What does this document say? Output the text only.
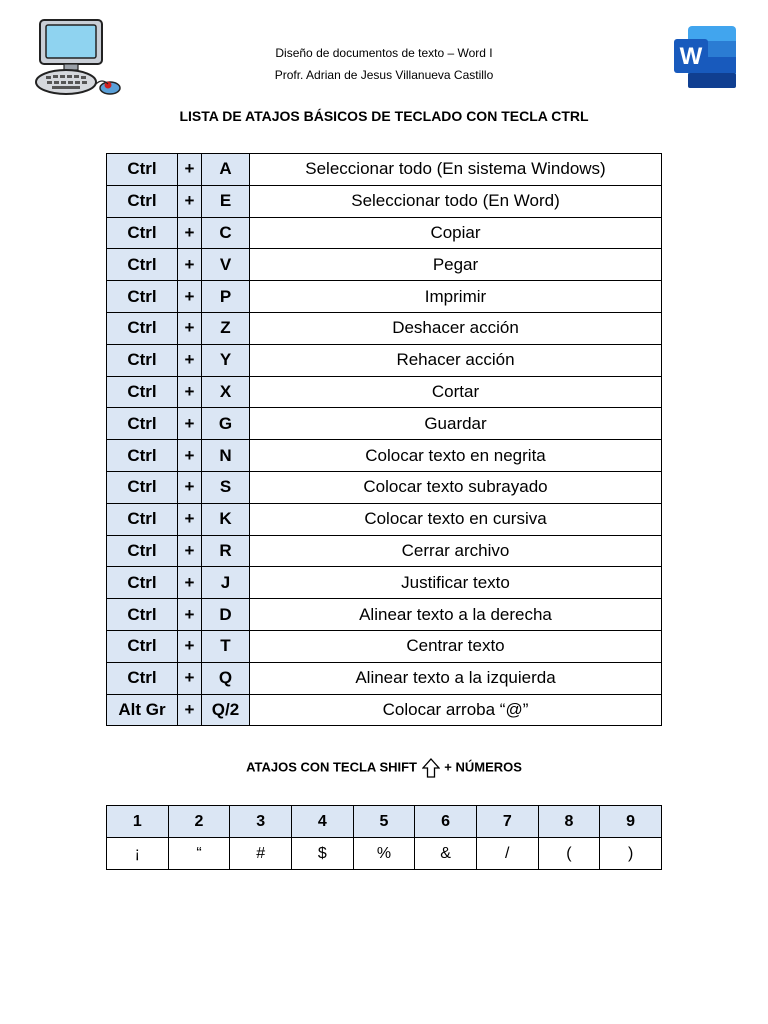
W
Diseño de documentos de texto – Word I
Profr. Adrian de Jesus Villanueva Castillo
LISTA DE ATAJOS BÁSICOS DE TECLADO CON TECLA CTRL
Ctrl	+	A	Seleccionar todo (En sistema Windows)
Ctrl	+	E	Seleccionar todo (En Word)
Ctrl	+	C	Copiar
Ctrl	+	V	Pegar
Ctrl	+	P	Imprimir
Ctrl	+	Z	Deshacer acción
Ctrl	+	Y	Rehacer acción
Ctrl	+	X	Cortar
Ctrl	+	G	Guardar
Ctrl	+	N	Colocar texto en negrita
Ctrl	+	S	Colocar texto subrayado
Ctrl	+	K	Colocar texto en cursiva
Ctrl	+	R	Cerrar archivo
Ctrl	+	J	Justificar texto
Ctrl	+	D	Alinear texto a la derecha
Ctrl	+	T	Centrar texto
Ctrl	+	Q	Alinear texto a la izquierda
Alt Gr	+	Q/2	Colocar arroba “@”
ATAJOS CON TECLA SHIFT + NÚMEROS
1	2	3	4	5	6	7	8	9
¡	“	#	$	%	&	/	(	)
